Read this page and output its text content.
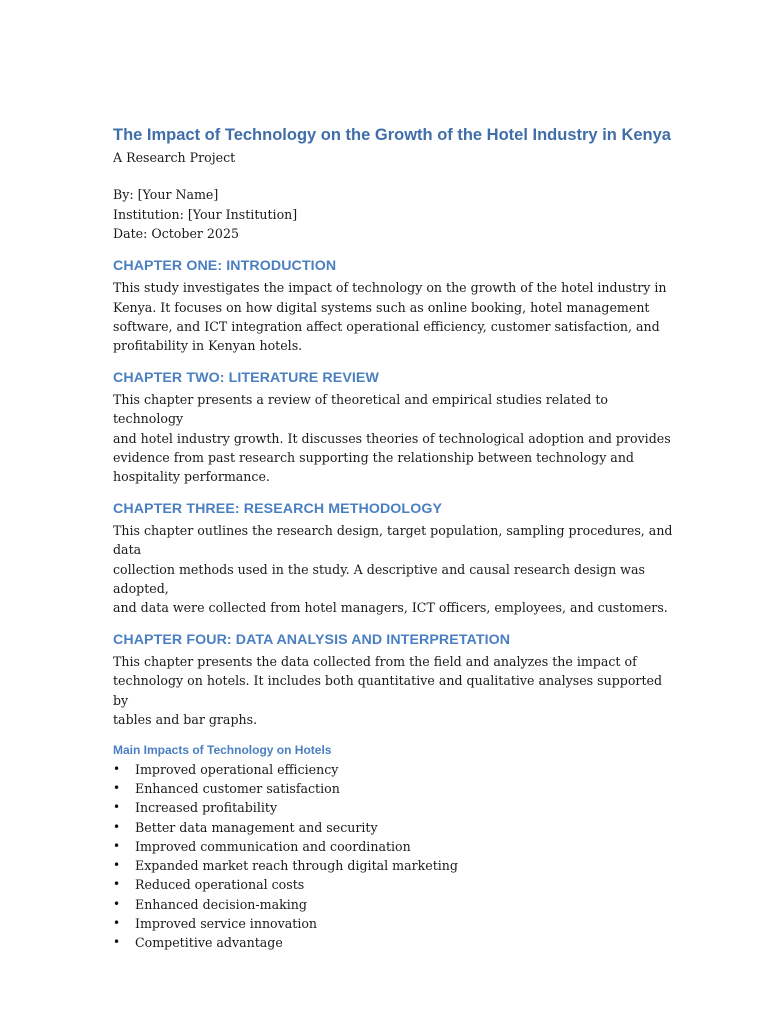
The Impact of Technology on the Growth of the Hotel Industry in Kenya
A Research Project
By: [Your Name]
Institution: [Your Institution]
Date: October 2025
CHAPTER ONE: INTRODUCTION

This study investigates the impact of technology on the growth of the hotel industry in
Kenya. It focuses on how digital systems such as online booking, hotel management
software, and ICT integration affect operational efficiency, customer satisfaction, and
profitability in Kenyan hotels.

CHAPTER TWO: LITERATURE REVIEW

This chapter presents a review of theoretical and empirical studies related to technology
and hotel industry growth. It discusses theories of technological adoption and provides
evidence from past research supporting the relationship between technology and
hospitality performance.

CHAPTER THREE: RESEARCH METHODOLOGY

This chapter outlines the research design, target population, sampling procedures, and data
collection methods used in the study. A descriptive and causal research design was adopted,
and data were collected from hotel managers, ICT officers, employees, and customers.

CHAPTER FOUR: DATA ANALYSIS AND INTERPRETATION

This chapter presents the data collected from the field and analyzes the impact of
technology on hotels. It includes both quantitative and qualitative analyses supported by
tables and bar graphs.

Main Impacts of Technology on Hotels
• Improved operational efficiency
• Enhanced customer satisfaction
• Increased profitability
• Better data management and security
• Improved communication and coordination
• Expanded market reach through digital marketing
• Reduced operational costs
• Enhanced decision-making
• Improved service innovation
• Competitive advantage
